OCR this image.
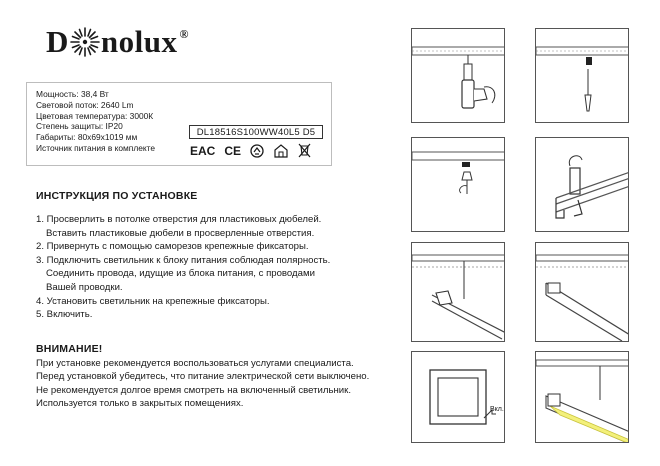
D nolux®
Мощность: 38,4 Вт
Световой поток: 2640 Lm
Цветовая температура: 3000К
Степень защиты: IP20
Габариты: 80х69х1019 мм
Источник питания в комплекте
DL18516S100WW40L5 D5
EAC CE
ИНСТРУКЦИЯ ПО УСТАНОВКЕ
1. Просверлить в потолке отверстия для пластиковых дюбелей.
Вставить пластиковые дюбели в просверленные отверстия.
2. Привернуть с помощью саморезов крепежные фиксаторы.
3. Подключить светильник к блоку питания соблюдая полярность.
Соединить провода, идущие из блока питания, с проводами
Вашей проводки.
4. Установить светильник на крепежные фиксаторы.
5. Включить.
ВНИМАНИЕ!
При установке рекомендуется воспользоваться услугами специалиста.
Перед установкой убедитесь, что питание электрической сети выключено.
Не рекомендуется долгое время смотреть на включенный светильник.
Используется только в закрытых помещениях.
Вкл.
